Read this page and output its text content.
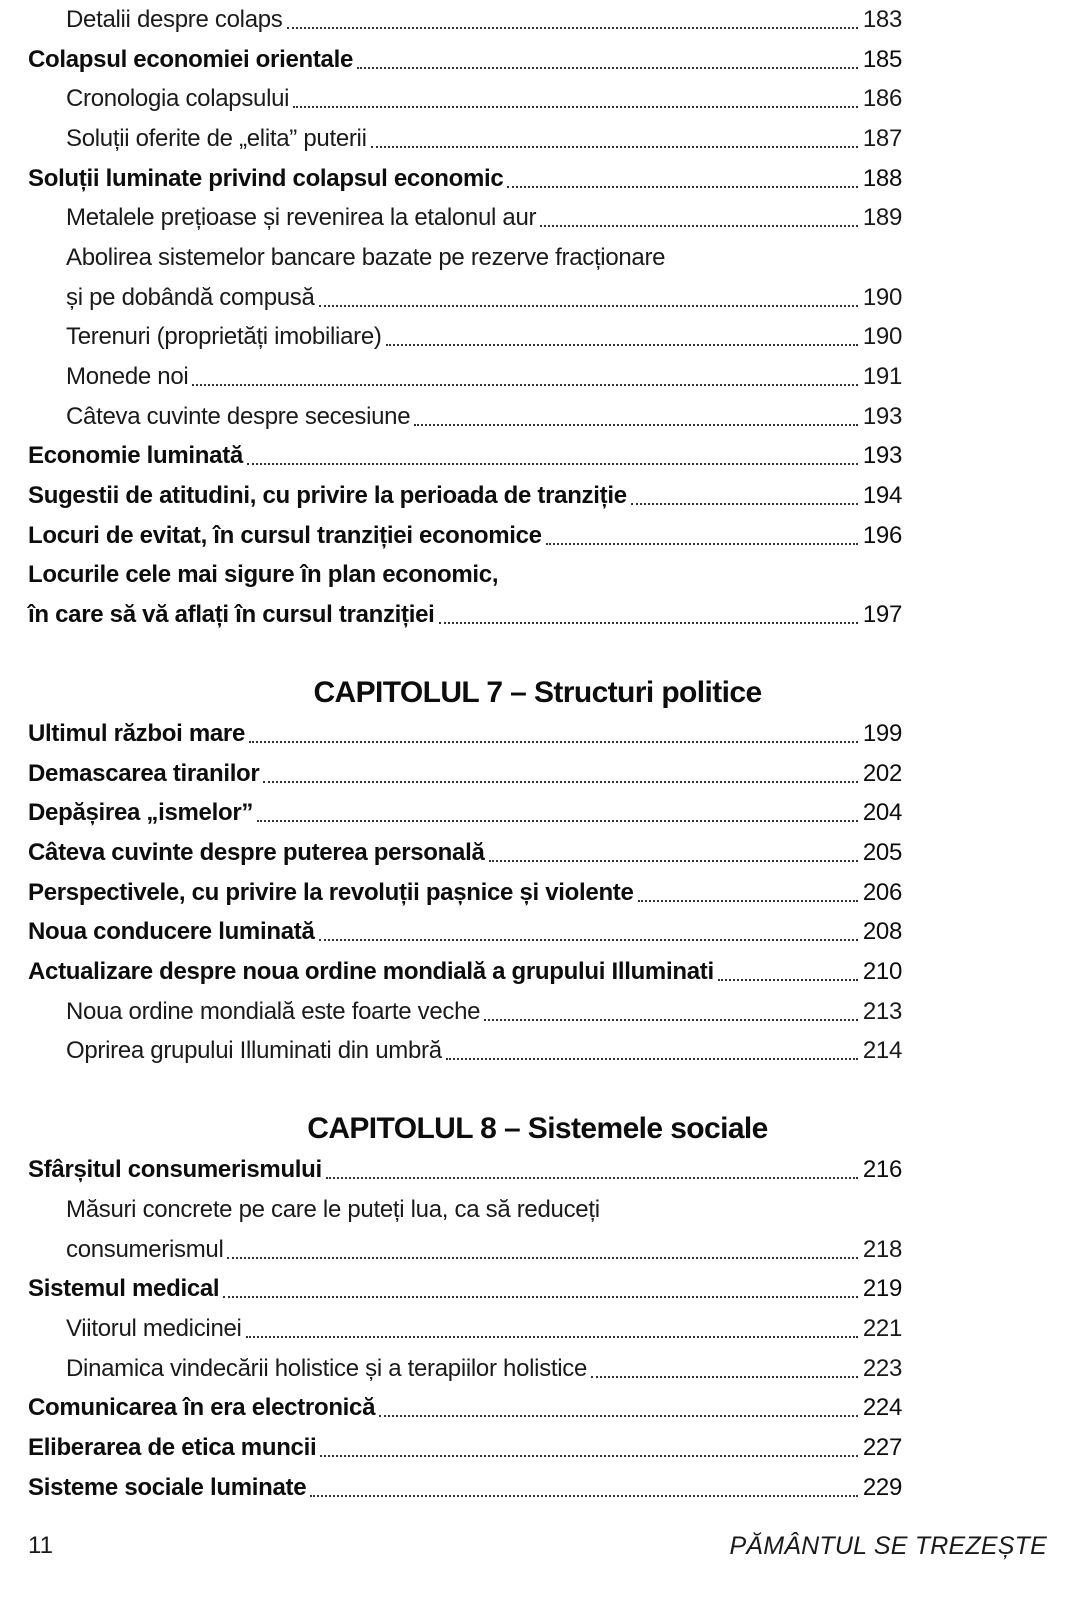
Detalii despre colaps	183
Colapsul economiei orientale	185
Cronologia colapsului	186
Soluții oferite de „elita” puterii	187
Soluții luminate privind colapsul economic	188
Metalele prețioase și revenirea la etalonul aur	189
Abolirea sistemelor bancare bazate pe rezerve fracționare
și pe dobândă compusă	190
Terenuri (proprietăți imobiliare)	190
Monede noi	191
Câteva cuvinte despre secesiune	193
Economie luminată	193
Sugestii de atitudini, cu privire la perioada de tranziție	194
Locuri de evitat, în cursul tranziției economice	196
Locurile cele mai sigure în plan economic,
în care să vă aflați în cursul tranziției	197
CAPITOLUL 7 – Structuri politice
Ultimul război mare	199
Demascarea tiranilor	202
Depășirea „ismelor”	204
Câteva cuvinte despre puterea personală	205
Perspectivele, cu privire la revoluții pașnice și violente	206
Noua conducere luminată	208
Actualizare despre noua ordine mondială a grupului Illuminati	210
Noua ordine mondială este foarte veche	213
Oprirea grupului Illuminati din umbră	214
CAPITOLUL 8 – Sistemele sociale
Sfârșitul consumerismului	216
Măsuri concrete pe care le puteți lua, ca să reduceți
consumerismul	218
Sistemul medical	219
Viitorul medicinei	221
Dinamica vindecării holistice și a terapiilor holistice	223
Comunicarea în era electronică	224
Eliberarea de etica muncii	227
Sisteme sociale luminate	229
11	PĂMÂNTUL SE TREZEȘTE
